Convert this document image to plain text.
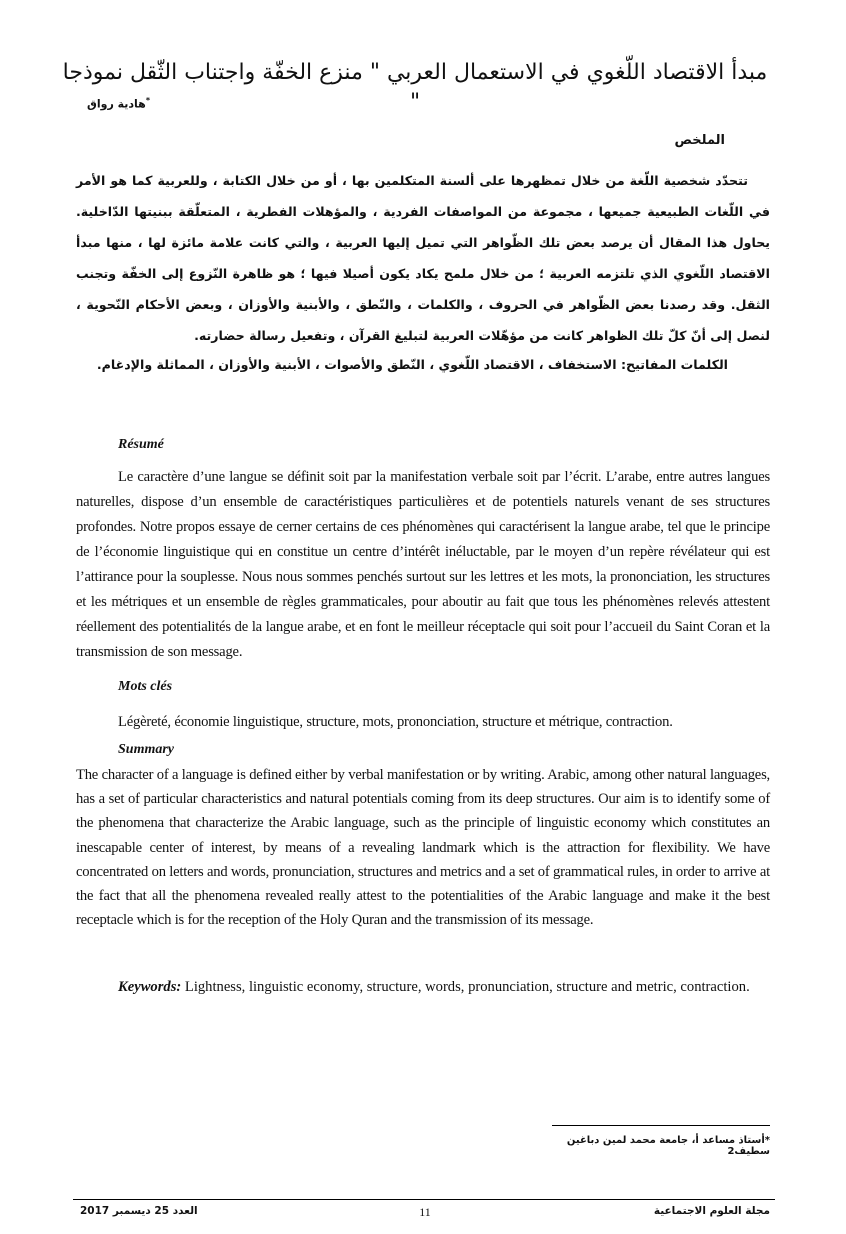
مبدأ الاقتصاد اللّغوي في الاستعمال العربي " منزع الخفّة واجتناب الثّقل نموذجا "
*هادية رواق
الملخص

تتحدّد شخصية اللّغة من خلال تمظهرها على ألسنة المتكلمين بها ، أو من خلال الكتابة ، وللعربية كما هو الأمر في اللّغات الطبيعية جميعها ، مجموعة من المواصفات الفردية ، والمؤهلات الفطرية ، المتعلّقة ببنيتها الدّاخلية. يحاول هذا المقال أن يرصد بعض تلك الظّواهر التي تميل إليها العربية ، والتي كانت علامة مائزة لها ، منها مبدأ الاقتصاد اللّغوي الذي تلتزمه العربية ؛ من خلال ملمح يكاد يكون أصيلا فيها ؛ هو ظاهرة النّزوع إلى الخفّة وتجنب الثقل. وقد رصدنا بعض الظّواهر في الحروف ، والكلمات ، والنّطق ، والأبنية والأوزان ، وبعض الأحكام النّحوية ، لنصل إلى أنّ كلّ تلك الظواهر كانت من مؤهّلات العربية لتبليغ القرآن ، وتفعيل رسالة حضارته.

الكلمات المفاتيح: الاستخفاف ، الاقتصاد اللّغوي ، النّطق والأصوات ، الأبنية والأوزان ، المماثلة والإدغام.
Résumé

Le caractère d’une langue se définit soit par la manifestation verbale soit par l’écrit. L’arabe, entre autres langues naturelles, dispose d’un ensemble de caractéristiques particulières et de potentiels naturels venant de ses structures profondes. Notre propos essaye de cerner certains de ces phénomènes qui caractérisent la langue arabe, tel que le principe de l’économie linguistique qui en constitue un centre d’intérêt inéluctable, par le moyen d’un repère révélateur qui est l’attirance pour la souplesse. Nous nous sommes penchés surtout sur les lettres et les mots, la prononciation, les structures et les métriques et un ensemble de règles grammaticales, pour aboutir au fait que tous les phénomènes relevés attestent réellement des potentialités de la langue arabe, et en font le meilleur réceptacle qui soit pour l’accueil du Saint Coran et la transmission de son message.

Mots clés
Légèreté, économie linguistique, structure, mots, prononciation, structure et métrique, contraction.
Summary

The character of a language is defined either by verbal manifestation or by writing. Arabic, among other natural languages, has a set of particular characteristics and natural potentials coming from its deep structures. Our aim is to identify some of the phenomena that characterize the Arabic language, such as the principle of linguistic economy which constitutes an inescapable center of interest, by means of a revealing landmark which is the attraction for flexibility. We have concentrated on letters and words, pronunciation, structures and metrics and a set of grammatical rules, in order to arrive at the fact that all the phenomena revealed really attest to the potentialities of the Arabic language and make it the best receptacle which is for the reception of the Holy Quran and the transmission of its message.

Keywords: Lightness, linguistic economy, structure, words, pronunciation, structure and metric, contraction.

*أستاذ مساعد أ، جامعة محمد لمين دباغين سطيف2
العدد 25 ديسمبر 2017	11	مجلة العلوم الاجتماعية
